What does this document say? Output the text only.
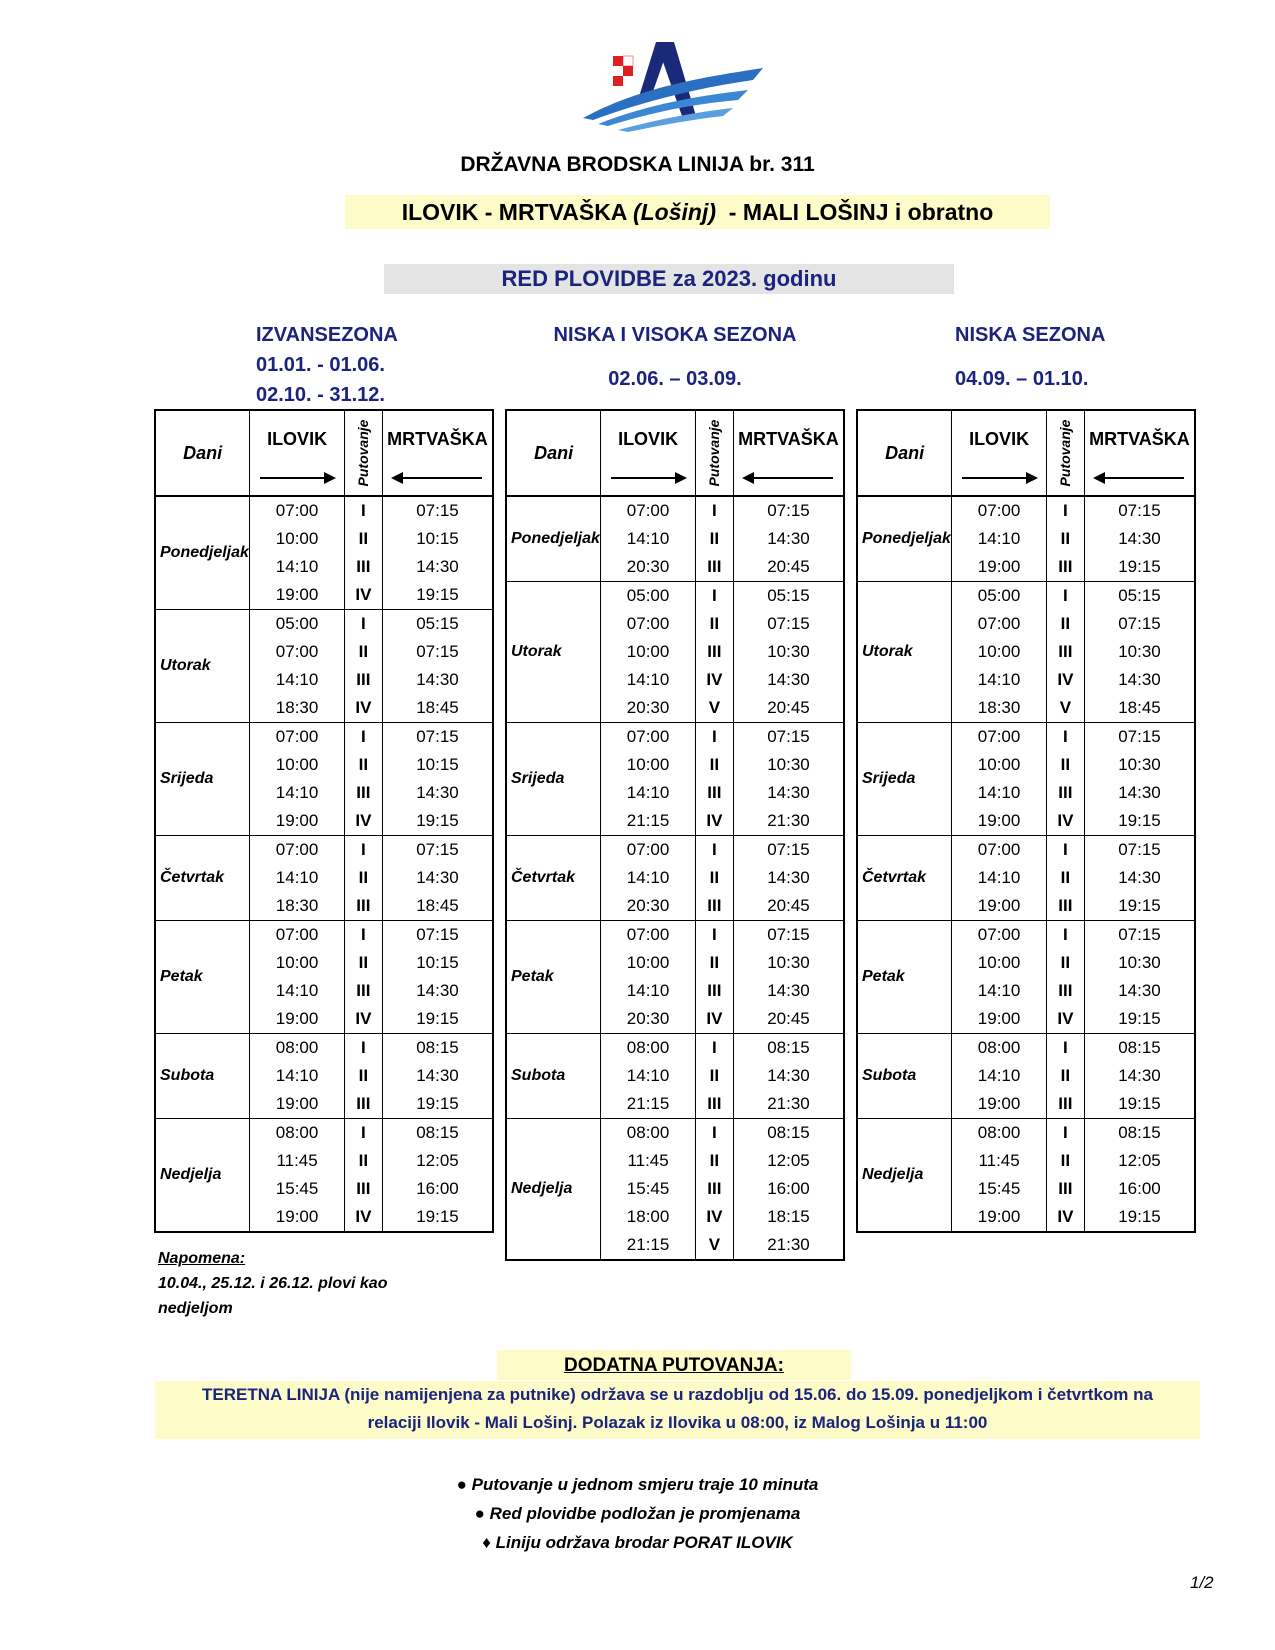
DRŽAVNA BRODSKA LINIJA br. 311
ILOVIK - MRTVAŠKA (Lošinj)  - MALI LOŠINJ i obratno
RED PLOVIDBE za 2023. godinu
IZVANSEZONA
01.01. - 01.06.
02.10. - 31.12.
NISKA I VISOKA SEZONA
02.06. – 03.09.
NISKA SEZONA
04.09. – 01.10.
Dani	ILOVIK	Putovanje	MRTVAŠKA

Ponedjeljak	07:00	I	07:15
	10:00	II	10:15
	14:10	III	14:30
	19:00	IV	19:15
Utorak	05:00	I	05:15
	07:00	II	07:15
	14:10	III	14:30
	18:30	IV	18:45
Srijeda	07:00	I	07:15
	10:00	II	10:15
	14:10	III	14:30
	19:00	IV	19:15
Četvrtak	07:00	I	07:15
	14:10	II	14:30
	18:30	III	18:45
Petak	07:00	I	07:15
	10:00	II	10:15
	14:10	III	14:30
	19:00	IV	19:15
Subota	08:00	I	08:15
	14:10	II	14:30
	19:00	III	19:15
Nedjelja	08:00	I	08:15
	11:45	II	12:05
	15:45	III	16:00
	19:00	IV	19:15
Dani	ILOVIK	Putovanje	MRTVAŠKA

Ponedjeljak	07:00	I	07:15
	14:10	II	14:30
	20:30	III	20:45
Utorak	05:00	I	05:15
	07:00	II	07:15
	10:00	III	10:30
	14:10	IV	14:30
	20:30	V	20:45
Srijeda	07:00	I	07:15
	10:00	II	10:30
	14:10	III	14:30
	21:15	IV	21:30
Četvrtak	07:00	I	07:15
	14:10	II	14:30
	20:30	III	20:45
Petak	07:00	I	07:15
	10:00	II	10:30
	14:10	III	14:30
	20:30	IV	20:45
Subota	08:00	I	08:15
	14:10	II	14:30
	21:15	III	21:30
Nedjelja	08:00	I	08:15
	11:45	II	12:05
	15:45	III	16:00
	18:00	IV	18:15
	21:15	V	21:30
Dani	ILOVIK	Putovanje	MRTVAŠKA

Ponedjeljak	07:00	I	07:15
	14:10	II	14:30
	19:00	III	19:15
Utorak	05:00	I	05:15
	07:00	II	07:15
	10:00	III	10:30
	14:10	IV	14:30
	18:30	V	18:45
Srijeda	07:00	I	07:15
	10:00	II	10:30
	14:10	III	14:30
	19:00	IV	19:15
Četvrtak	07:00	I	07:15
	14:10	II	14:30
	19:00	III	19:15
Petak	07:00	I	07:15
	10:00	II	10:30
	14:10	III	14:30
	19:00	IV	19:15
Subota	08:00	I	08:15
	14:10	II	14:30
	19:00	III	19:15
Nedjelja	08:00	I	08:15
	11:45	II	12:05
	15:45	III	16:00
	19:00	IV	19:15
Napomena:
10.04., 25.12. i 26.12. plovi kao
nedjeljom
DODATNA PUTOVANJA:
TERETNA LINIJA (nije namijenjena za putnike) održava se u razdoblju od 15.06. do 15.09. ponedjeljkom i četvrtkom na
relaciji Ilovik - Mali Lošinj. Polazak iz Ilovika u 08:00, iz Malog Lošinja u 11:00
● Putovanje u jednom smjeru traje 10 minuta
● Red plovidbe podložan je promjenama
♦ Liniju održava brodar PORAT ILOVIK
1/2
